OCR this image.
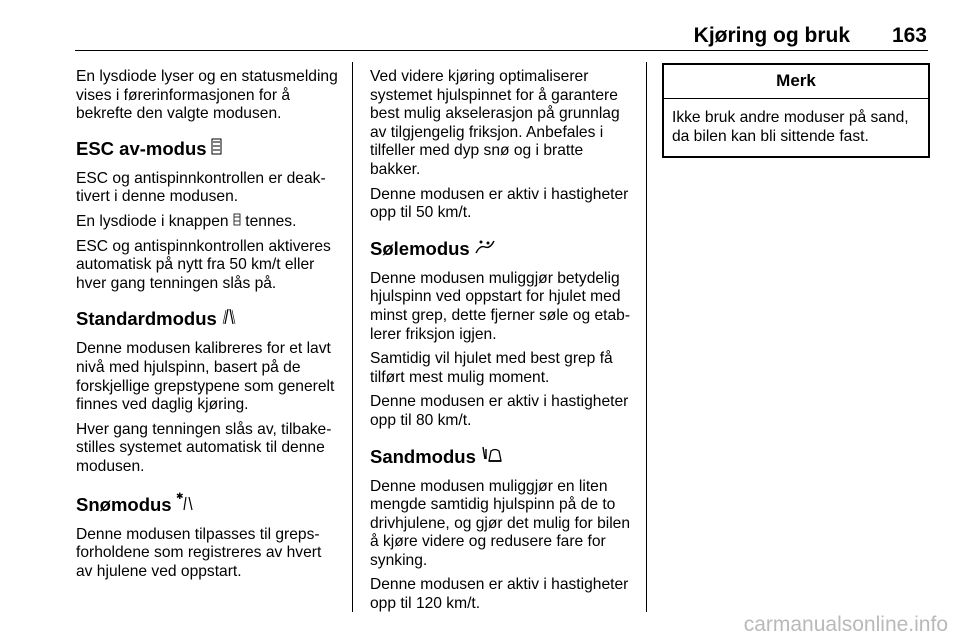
Kjøring og bruk	163

En lysdiode lyser og en statusmelding vises i førerinformasjonen for å bekrefte den valgte modusen.

ESC av-modus

ESC og antispinnkontrollen er deak- tivert i denne modusen.

En lysdiode i knappen tennes.

ESC og antispinnkontrollen aktiveres automatisk på nytt fra 50 km/t eller hver gang tenningen slås på.

Standardmodus

Denne modusen kalibreres for et lavt nivå med hjulspinn, basert på de forskjellige grepstypene som generelt finnes ved daglig kjøring.

Hver gang tenningen slås av, tilbake- stilles systemet automatisk til denne modusen.

Snømodus ✱

Denne modusen tilpasses til greps- forholdene som registreres av hvert av hjulene ved oppstart.

Ved videre kjøring optimaliserer systemet hjulspinnet for å garantere best mulig akselerasjon på grunnlag av tilgjengelig friksjon. Anbefales i tilfeller med dyp snø og i bratte bakker.

Denne modusen er aktiv i hastigheter opp til 50 km/t.

Sølemodus

Denne modusen muliggjør betydelig hjulspinn ved oppstart for hjulet med minst grep, dette fjerner søle og etab- lerer friksjon igjen.

Samtidig vil hjulet med best grep få tilført mest mulig moment.

Denne modusen er aktiv i hastigheter opp til 80 km/t.

Sandmodus

Denne modusen muliggjør en liten mengde samtidig hjulspinn på de to drivhjulene, og gjør det mulig for bilen å kjøre videre og redusere fare for synking.

Denne modusen er aktiv i hastigheter opp til 120 km/t.

Merk
Ikke bruk andre moduser på sand, da bilen kan bli sittende fast.
carmanualsonline.info
